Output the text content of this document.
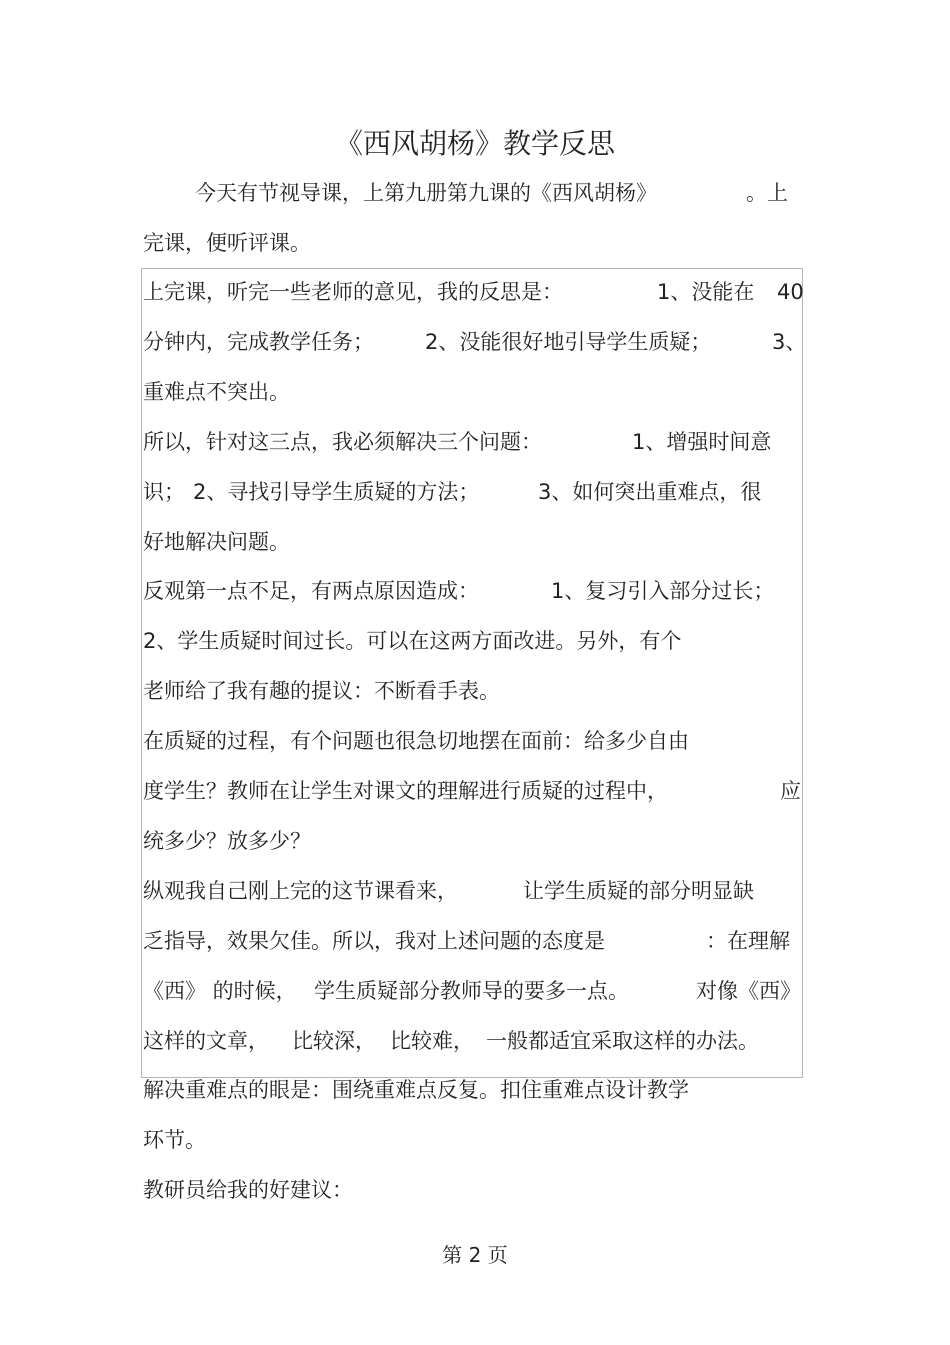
《西风胡杨》教学反思
今天有节视导课，上第九册第九课的《西风胡杨》	。上
完课，便听评课。
上完课，听完一些老师的意见，我的反思是：	1、没能在 40
分钟内，完成教学任务； 2、没能很好地引导学生质疑；	3、
重难点不突出。
所以，针对这三点，我必须解决三个问题：	1、增强时间意
识； 2、寻找引导学生质疑的方法；	3、如何突出重难点，很
好地解决问题。
反观第一点不足，有两点原因造成：	1、复习引入部分过长；
2、学生质疑时间过长。可以在这两方面改进。另外，有个
老师给了我有趣的提议：不断看手表。
在质疑的过程，有个问题也很急切地摆在面前：给多少自由
度学生？教师在让学生对课文的理解进行质疑的过程中，	应
统多少？放多少？
纵观我自己刚上完的这节课看来，	让学生质疑的部分明显缺
乏指导，效果欠佳。所以，我对上述问题的态度是	：在理解
《西》 的时候， 学生质疑部分教师导的要多一点。	对像《西》
这样的文章， 比较深， 比较难， 一般都适宜采取这样的办法。
解决重难点的眼是：围绕重难点反复。扣住重难点设计教学
环节。
教研员给我的好建议：
第 2 页
